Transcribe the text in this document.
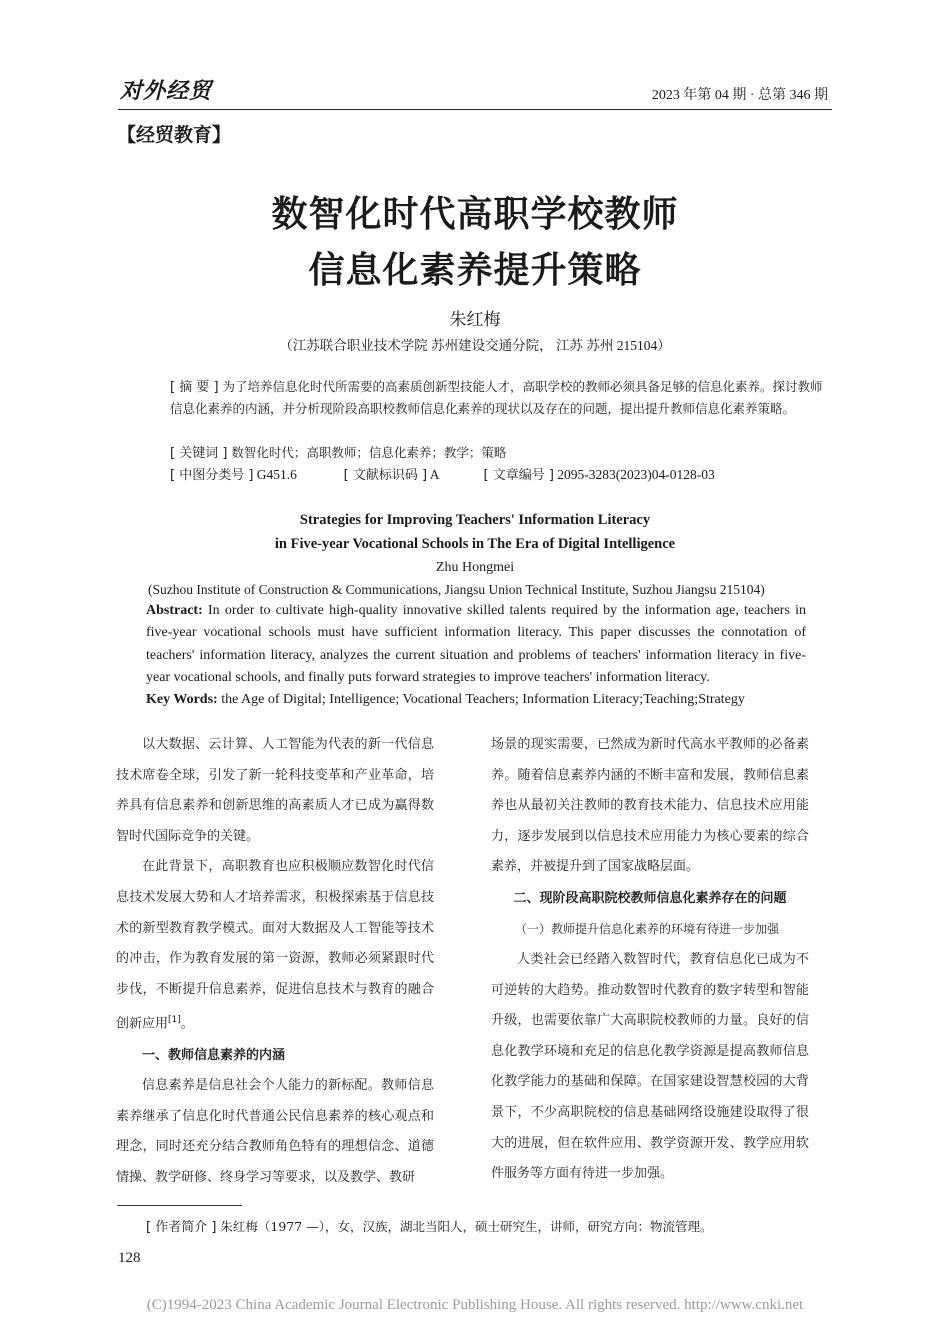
对外经贸	2023 年第 04 期 · 总第 346 期
【经贸教育】
数智化时代高职学校教师
信息化素养提升策略
朱红梅
（江苏联合职业技术学院 苏州建设交通分院， 江苏 苏州 215104）
[ 摘 要 ] 为了培养信息化时代所需要的高素质创新型技能人才，高职学校的教师必须具备足够的信息化素养。探讨教师信息化素养的内涵，并分析现阶段高职校教师信息化素养的现状以及存在的问题，提出提升教师信息化素养策略。
[ 关键词 ] 数智化时代；高职教师；信息化素养；教学；策略
[ 中图分类号 ] G451.6	[ 文献标识码 ] A	[ 文章编号 ] 2095-3283(2023)04-0128-03
Strategies for Improving Teachers' Information Literacy
in Five-year Vocational Schools in The Era of Digital Intelligence
Zhu Hongmei
(Suzhou Institute of Construction & Communications, Jiangsu Union Technical Institute, Suzhou Jiangsu 215104)
Abstract: In order to cultivate high-quality innovative skilled talents required by the information age, teachers in five-year vocational schools must have sufficient information literacy. This paper discusses the connotation of teachers' information literacy, analyzes the current situation and problems of teachers' information literacy in five-year vocational schools, and finally puts forward strategies to improve teachers' information literacy.
Key Words: the Age of Digital; Intelligence; Vocational Teachers; Information Literacy;Teaching;Strategy

以大数据、云计算、人工智能为代表的新一代信息技术席卷全球，引发了新一轮科技变革和产业革命，培养具有信息素养和创新思维的高素质人才已成为赢得数智时代国际竞争的关键。

在此背景下，高职教育也应积极顺应数智化时代信息技术发展大势和人才培养需求，积极探索基于信息技术的新型教育教学模式。面对大数据及人工智能等技术的冲击，作为教育发展的第一资源，教师必须紧跟时代步伐，不断提升信息素养，促进信息技术与教育的融合创新应用[1]。

一、教师信息素养的内涵

信息素养是信息社会个人能力的新标配。教师信息素养继承了信息化时代普通公民信息素养的核心观点和理念，同时还充分结合教师角色特有的理想信念、道德情操、教学研修、终身学习等要求，以及教学、教研

场景的现实需要，已然成为新时代高水平教师的必备素养。随着信息素养内涵的不断丰富和发展，教师信息素养也从最初关注教师的教育技术能力、信息技术应用能力，逐步发展到以信息技术应用能力为核心要素的综合素养，并被提升到了国家战略层面。

二、现阶段高职院校教师信息化素养存在的问题
（一）教师提升信息化素养的环境有待进一步加强

人类社会已经踏入数智时代，教育信息化已成为不可逆转的大趋势。推动数智时代教育的数字转型和智能升级，也需要依靠广大高职院校教师的力量。良好的信息化教学环境和充足的信息化教学资源是提高教师信息化教学能力的基础和保障。在国家建设智慧校园的大背景下，不少高职院校的信息基础网络设施建设取得了很大的进展，但在软件应用、教学资源开发、教学应用软件服务等方面有待进一步加强。

[ 作者简介 ] 朱红梅（1977 —），女，汉族，湖北当阳人，硕士研究生，讲师，研究方向：物流管理。
128
(C)1994-2023 China Academic Journal Electronic Publishing House. All rights reserved. http://www.cnki.net
